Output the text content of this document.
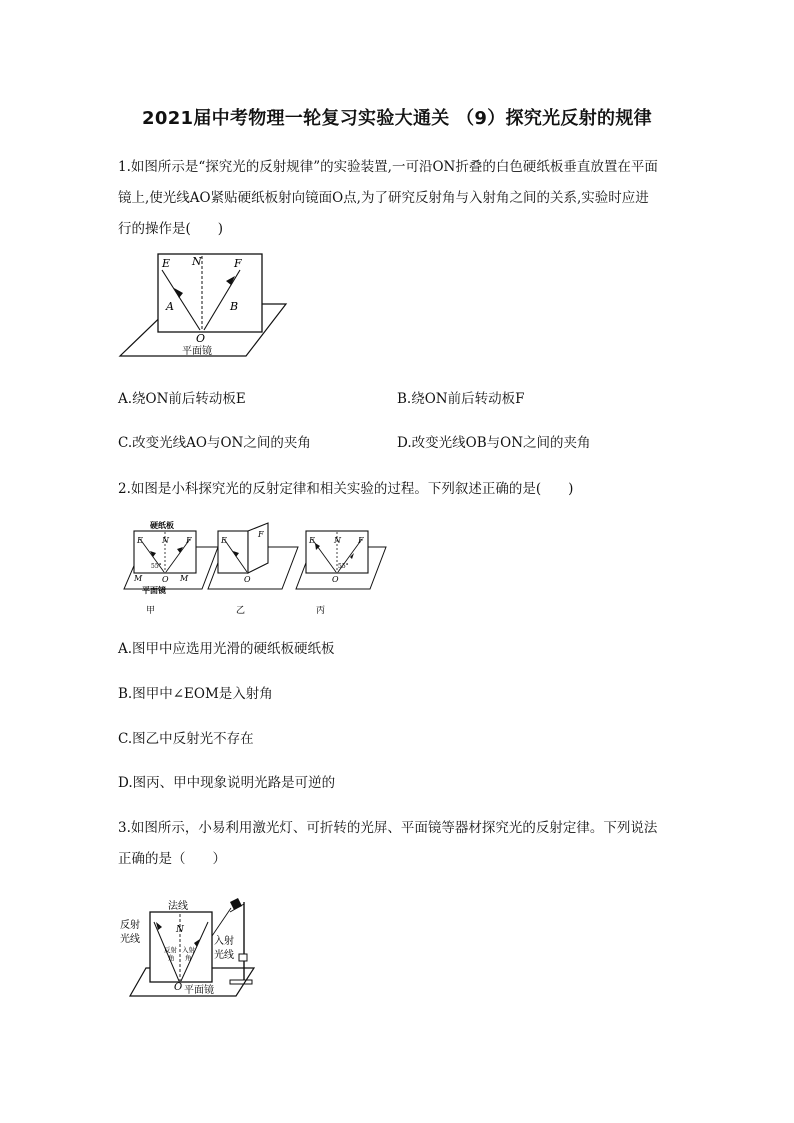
2021届中考物理一轮复习实验大通关 （9）探究光反射的规律
1.如图所示是“探究光的反射规律”的实验装置,一可沿ON折叠的白色硬纸板垂直放置在平面
镜上,使光线AO紧贴硬纸板射向镜面O点,为了研究反射角与入射角之间的关系,实验时应进
行的操作是(　　)
E N	F
A	B
O
平面镜
A.绕ON前后转动板E	B.绕ON前后转动板F
C.改变光线AO与ON之间的夹角	D.改变光线OB与ON之间的夹角
2.如图是小科探究光的反射定律和相关实验的过程。下列叙述正确的是(　　)
硬纸板
E N F
55°
O
M	M
平面镜
甲
E
F
O
乙
E N F
55°
O
丙
A.图甲中应选用光滑的硬纸板硬纸板
B.图甲中∠EOM是入射角
C.图乙中反射光不存在
D.图丙、甲中现象说明光路是可逆的
3.如图所示，小易利用激光灯、可折转的光屏、平面镜等器材探究光的反射定律。下列说法
正确的是（　　）
法线
反射
光线
N
反射
角
入射
角
入射
光线
O 平面镜
